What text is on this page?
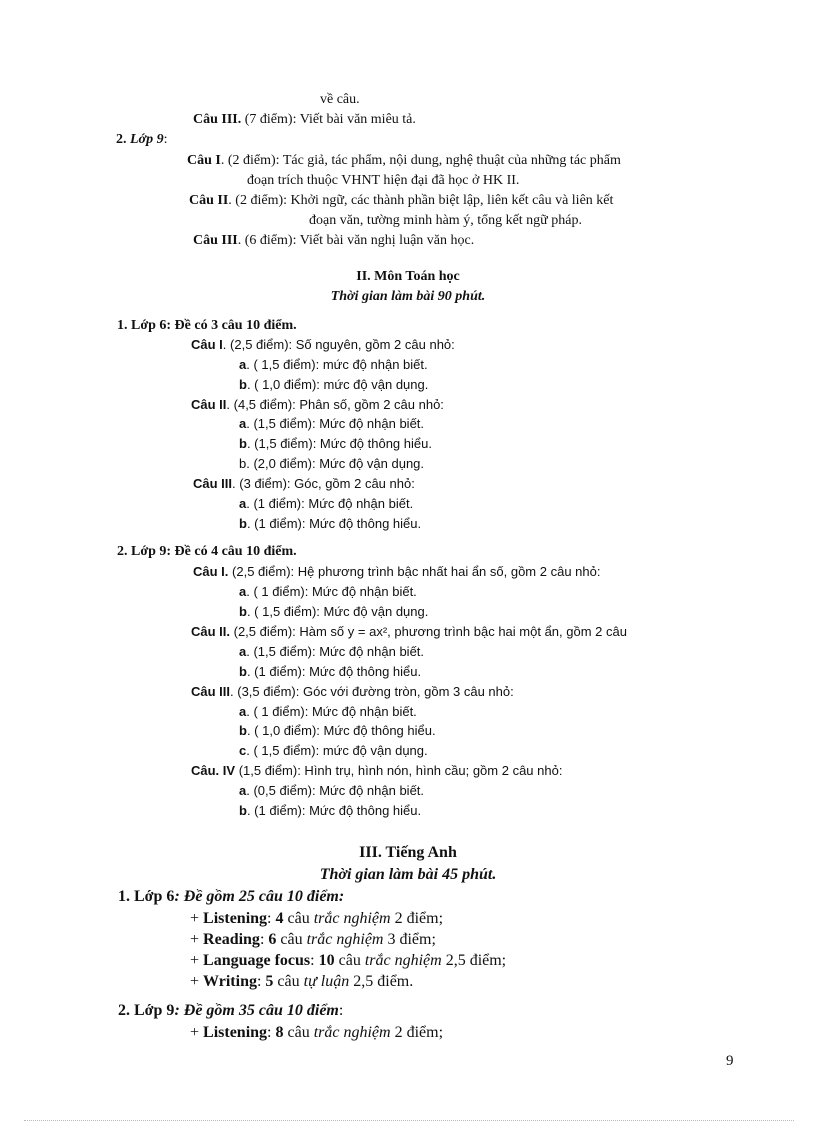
về câu.
Câu III. (7 điểm): Viết bài văn miêu tả.
2. Lớp 9:
Câu I. (2 điểm): Tác giả, tác phẩm, nội dung, nghệ thuật của những tác phẩm
đoạn trích thuộc VHNT hiện đại đã học ở HK II.
Câu II. (2 điểm): Khởi ngữ, các thành phần biệt lập, liên kết câu và liên kết
đoạn văn, tường minh hàm ý, tổng kết ngữ pháp.
Câu III. (6 điểm): Viết bài văn nghị luận văn học.
II. Môn Toán học
Thời gian làm bài 90 phút.
1. Lớp 6: Đề có 3 câu 10 điểm.
Câu I. (2,5 điểm): Số nguyên, gồm 2 câu nhỏ:
a. ( 1,5 điểm): mức độ nhận biết.
b. ( 1,0 điểm): mức độ vận dụng.
Câu II. (4,5 điểm): Phân số, gồm 2 câu nhỏ:
a. (1,5 điểm): Mức độ nhận biết.
b. (1,5 điểm): Mức độ thông hiểu.
b. (2,0 điểm): Mức độ vận dụng.
Câu III. (3 điểm): Góc, gồm 2 câu nhỏ:
a. (1 điểm): Mức độ nhận biết.
b. (1 điểm): Mức độ thông hiểu.
2. Lớp 9: Đề có 4 câu 10 điểm.
Câu I. (2,5 điểm): Hệ phương trình bậc nhất hai ẩn số, gồm 2 câu nhỏ:
a. ( 1 điểm): Mức độ nhận biết.
b. ( 1,5 điểm): Mức độ vận dụng.
Câu II. (2,5 điểm): Hàm số y = ax², phương trình bậc hai một ẩn, gồm 2 câu
a. (1,5 điểm): Mức độ nhận biết.
b. (1 điểm): Mức độ thông hiểu.
Câu III. (3,5 điểm): Góc với đường tròn, gồm 3 câu nhỏ:
a. ( 1 điểm): Mức độ nhận biết.
b. ( 1,0 điểm): Mức độ thông hiểu.
c. ( 1,5 điểm): mức độ vận dụng.
Câu. IV (1,5 điểm): Hình trụ, hình nón, hình cầu; gồm 2 câu nhỏ:
a. (0,5 điểm): Mức độ nhận biết.
b. (1 điểm): Mức độ thông hiểu.
III. Tiếng Anh
Thời gian làm bài 45 phút.
1. Lớp 6: Đề gồm 25 câu 10 điểm:
+ Listening: 4 câu trắc nghiệm 2 điểm;
+ Reading: 6 câu trắc nghiệm 3 điểm;
+ Language focus: 10 câu trắc nghiệm 2,5 điểm;
+ Writing: 5 câu tự luận 2,5 điểm.
2. Lớp 9: Đề gồm 35 câu 10 điểm:
+ Listening: 8 câu trắc nghiệm 2 điểm;
9
